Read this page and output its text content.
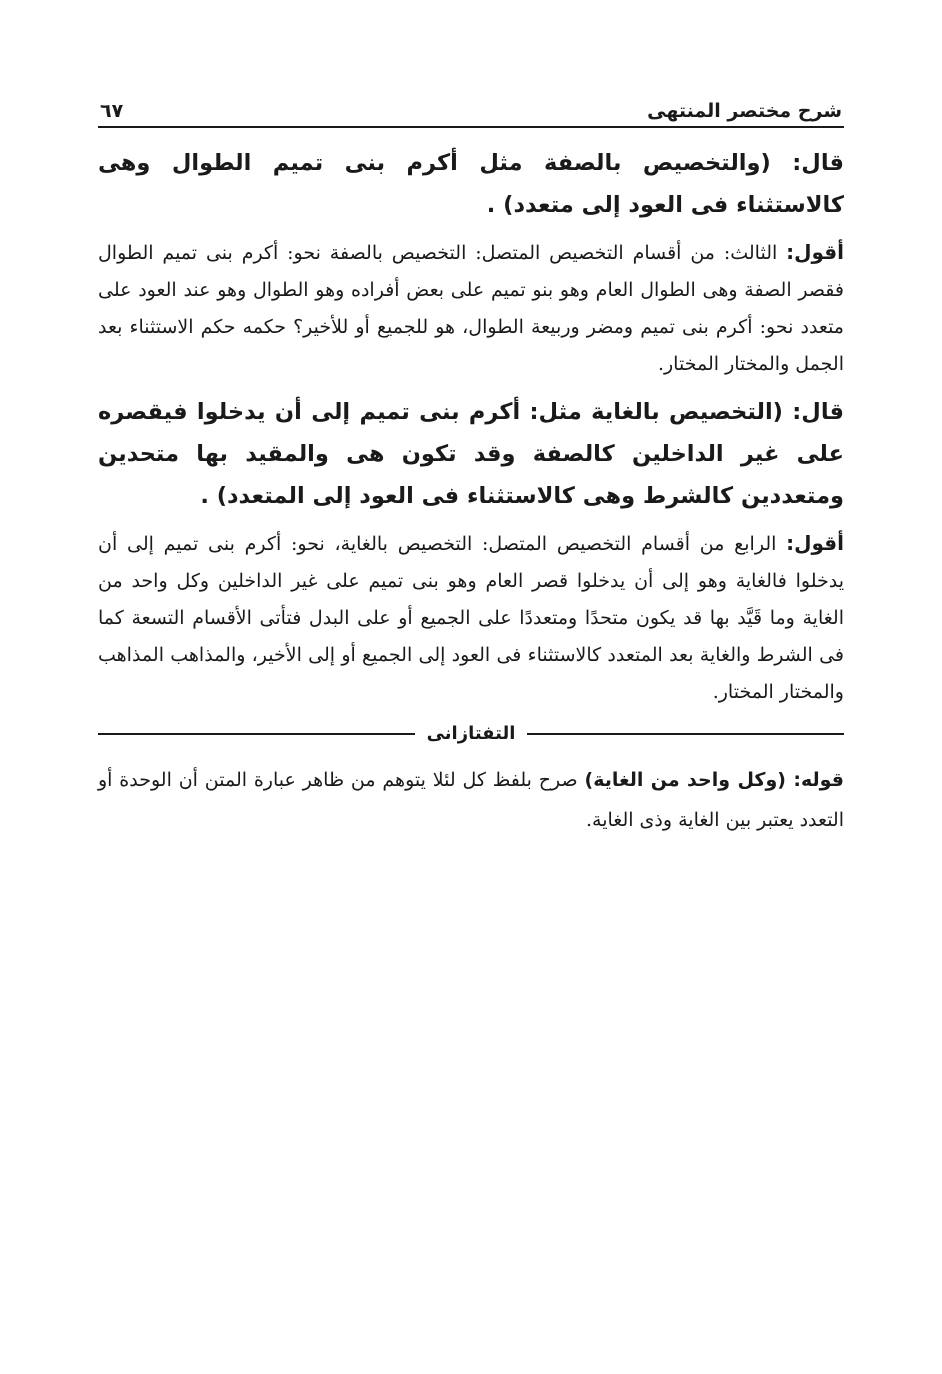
شرح مختصر المنتهى
٦٧

قال: (والتخصيص بالصفة مثل أكرم بنى تميم الطوال وهى كالاستثناء فى العود إلى متعدد) .

أقول: الثالث: من أقسام التخصيص المتصل: التخصيص بالصفة نحو: أكرم بنى تميم الطوال فقصر الصفة وهى الطوال العام وهو بنو تميم على بعض أفراده وهو الطوال وهو عند العود على متعدد نحو: أكرم بنى تميم ومضر وربيعة الطوال، هو للجميع أو للأخير؟ حكمه حكم الاستثناء بعد الجمل والمختار المختار.

قال: (التخصيص بالغاية مثل: أكرم بنى تميم إلى أن يدخلوا فيقصره على غير الداخلين كالصفة وقد تكون هى والمقيد بها متحدين ومتعددين كالشرط وهى كالاستثناء فى العود إلى المتعدد) .

أقول: الرابع من أقسام التخصيص المتصل: التخصيص بالغاية، نحو: أكرم بنى تميم إلى أن يدخلوا فالغاية وهو إلى أن يدخلوا قصر العام وهو بنى تميم على غير الداخلين وكل واحد من الغاية وما قَيَّد بها قد يكون متحدًا ومتعددًا على الجميع أو على البدل فتأتى الأقسام التسعة كما فى الشرط والغاية بعد المتعدد كالاستثناء فى العود إلى الجميع أو إلى الأخير، والمذاهب المذاهب والمختار المختار.

التفتازانى

قوله: (وكل واحد من الغاية) صرح بلفظ كل لئلا يتوهم من ظاهر عبارة المتن أن الوحدة أو التعدد يعتبر بين الغاية وذى الغاية.
